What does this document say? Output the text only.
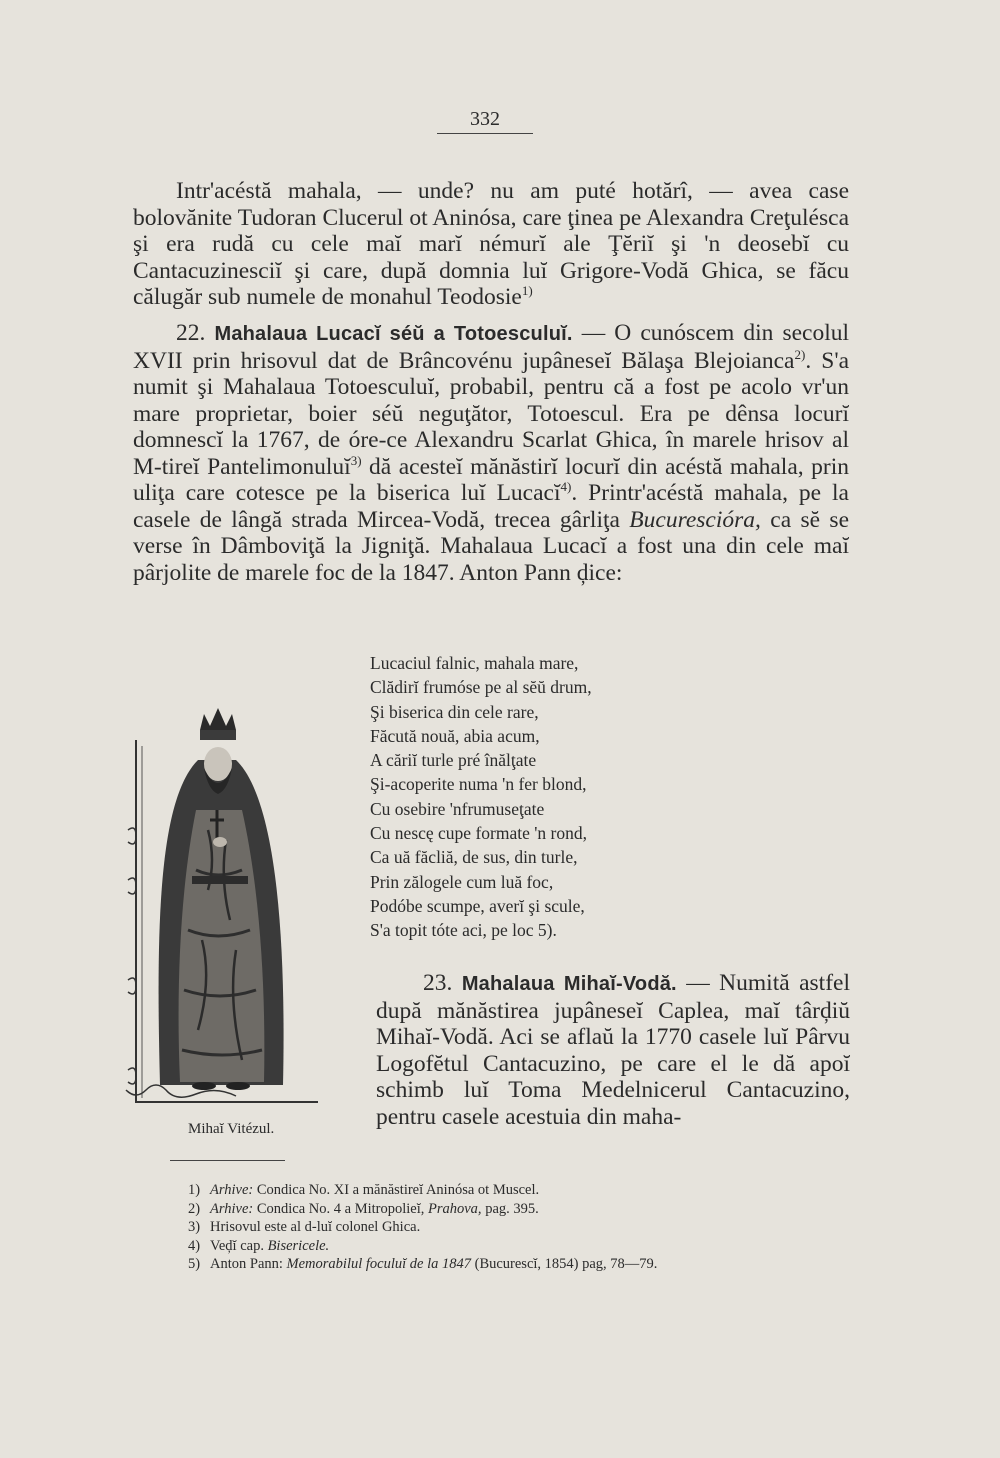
332

Intr'acéstă mahala, — unde? nu am puté hotărî, — avea case bolovănite Tudoran Clucerul ot Aninósa, care ţinea pe Alexandra Creţulésca şi era rudă cu cele maĭ marĭ némurĭ ale Ţĕriĭ şi 'n deosebĭ cu Cantacuzinesciĭ şi care, după domnia luĭ Grigore-Vodă Ghica, se făcu călugăr sub numele de monahul Teodosie$^{1)}$

22. Mahalaua Lucacĭ séŭ a Totoesculuĭ. — O cunóscem din secolul XVII prin hrisovul dat de Brâncovénu jupâneseĭ Bălaşa Blejoianca$^{2)}$. S'a numit şi Mahalaua Totoesculuĭ, probabil, pentru că a fost pe acolo vr'un mare proprietar, boier séŭ neguţător, Totoescul. Era pe dênsa locurĭ domnescĭ la 1767, de óre-ce Alexandru Scarlat Ghica, în marele hrisov al M-tireĭ Pantelimonuluĭ$^{3)}$ dă acesteĭ mănăstirĭ locurĭ din acéstă mahala, prin uliţa care cotesce pe la biserica luĭ Lucacĭ$^{4)}$. Printr'acéstă mahala, pe la casele de lângă strada Mircea-Vodă, trecea gârliţa Bucuresciórа, ca sĕ se verse în Dâmboviţă la Jigniţă. Mahalaua Lucacĭ a fost una din cele maĭ pârjolite de marele foc de la 1847. Anton Pann ḑice:

Lucaciul falnic, mahala mare,
Clădirĭ frumóse pe al sĕŭ drum,
Şi biserica din cele rare,
Făcută nouă, abia acum,
A căriĭ turle pré înălţate
Şi-acoperite numa 'n fer blond,
Cu osebire 'nfrumuseţate
Cu nescę cupe formate 'n rond,
Ca uă făcliă, de sus, din turle,
Prin zălogele cum luă foc,
Podóbe scumpe, averĭ şi scule,
S'a topit tóte aci, pe loc 5).
Mihaĭ Vitézul.

23. Mahalaua Mihaĭ-Vodă. — Numită astfel după mănăstirea jupâneseĭ Caplea, maĭ târḑiŭ Mihaĭ-Vodă. Aci se aflaŭ la 1770 casele luĭ Pârvu Logofĕtul Cantacuzino, pe care el le dă apoĭ schimb luĭ Toma Medelnicerul Cantacuzino, pentru casele acestuia din maha-

1) Arhive: Condica No. XI a mănăstireĭ Aninósa ot Muscel.
2) Arhive: Condica No. 4 a Mitropolieĭ, Prahova, pag. 395.
3) Hrisovul este al d-luĭ colonel Ghica.
4) Veḑĭ cap. Bisericele.
5) Anton Pann: Memorabilul foculuĭ de la 1847 (Bucurescĭ, 1854) pag, 78—79.
